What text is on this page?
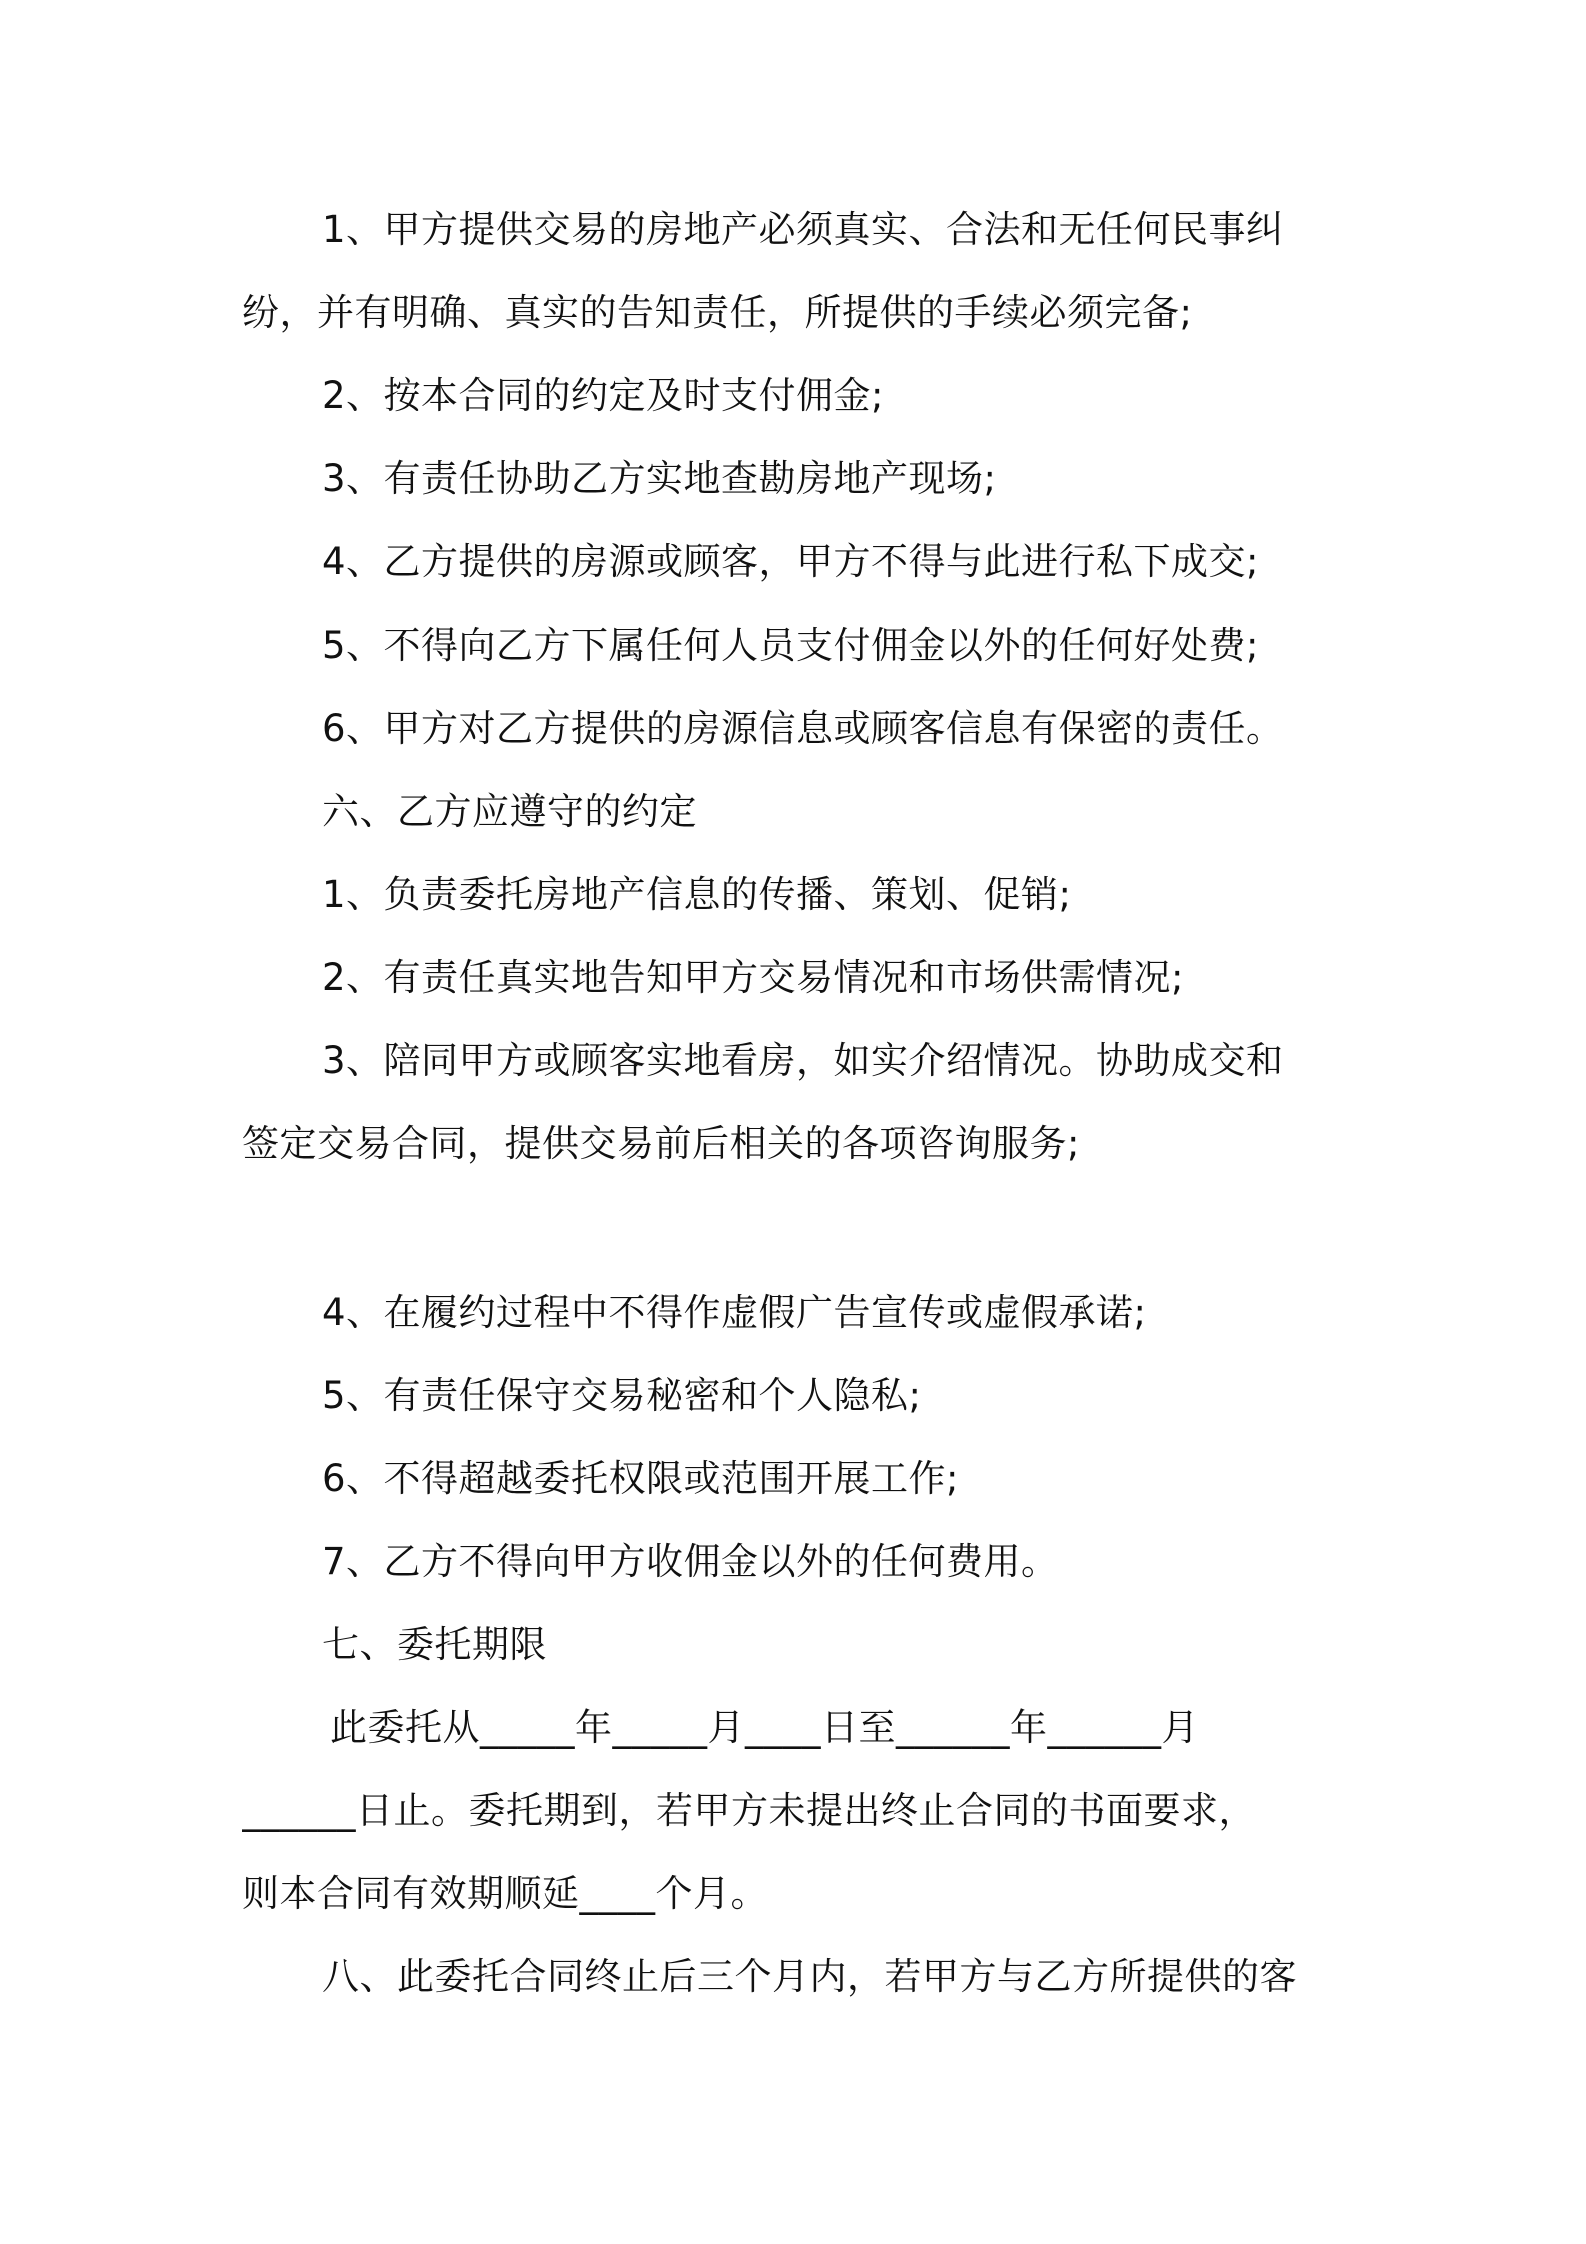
1、甲方提供交易的房地产必须真实、合法和无任何民事纠
纷，并有明确、真实的告知责任，所提供的手续必须完备;
2、按本合同的约定及时支付佣金;
3、有责任协助乙方实地查勘房地产现场;
4、乙方提供的房源或顾客，甲方不得与此进行私下成交;
5、不得向乙方下属任何人员支付佣金以外的任何好处费;
6、甲方对乙方提供的房源信息或顾客信息有保密的责任。
六、乙方应遵守的约定
1、负责委托房地产信息的传播、策划、促销;
2、有责任真实地告知甲方交易情况和市场供需情况;
3、陪同甲方或顾客实地看房，如实介绍情况。协助成交和
签定交易合同，提供交易前后相关的各项咨询服务;
4、在履约过程中不得作虚假广告宣传或虚假承诺;
5、有责任保守交易秘密和个人隐私;
6、不得超越委托权限或范围开展工作;
7、乙方不得向甲方收佣金以外的任何费用。
七、委托期限
此委托从_____年_____月____日至______年______月
______日止。委托期到，若甲方未提出终止合同的书面要求，
则本合同有效期顺延____个月。
八、此委托合同终止后三个月内，若甲方与乙方所提供的客
